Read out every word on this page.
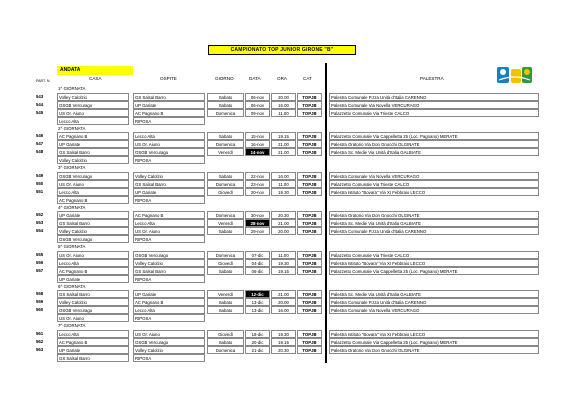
CAMPIONATO TOP JUNIOR GIRONE "B"
ANDATA
PART. N.	CASA	OSPITE	GIORNO	DATA	ORA	CAT	PALESTRA
1^ GIORNATA
543	Volley Calolzio	GS Salsal Barro	Sabato	06-nov	20.00	TOPJB	Palestra Comunale P.zza Unità d'Italia CARENNO
544	OSGB Vercurago	UP Gariate	Sabato	06-nov	16.00	TOPJB	Palestra Comunale Via Novella VERCURAGO
545	US Or. Aiuno	AC Pagnano B	Domenica	09-nov	11.00	TOPJB	Palazzetto Comunale Via Trieste CALCO
Lecco Alta	RIPOSA
2^ GIORNATA
546	AC Pagnano B	Lecco Alta	Sabato	15-nov	19.15	TOPJB	Palazzetto Comunale Via Cappelletta 25 (Loc. Pagnano) MERATE
547	UP Gariate	US Or. Aiuno	Domenica	16-nov	21.00	TOPJB	Palestra Oratorio Via Don Gnocchi OLGINATE
548	GS Salsal Barro	OSGB Vercurago	Venerdì	14-nov	21.00	TOPJB	Palestra Sc. Medie Via Unità d'Italia GALBIATE
Volley Calolzio	RIPOSA
3^ GIORNATA
549	OSGB Vercurago	Volley Calolzio	Sabato	22-nov	16.00	TOPJB	Palestra Comunale Via Novella VERCURAGO
550	US Or. Aiuno	GS Salsal Barro	Domenica	23-nov	11.00	TOPJB	Palazzetto Comunale Via Trieste CALCO
551	Lecco Alta	UP Gariate	Giovedì	20-nov	19.30	TOPJB	Palestra Istituto "Bovara" Via XI Febbraio LECCO
AC Pagnano B	RIPOSA
4^ GIORNATA
552	UP Gariate	AC Pagnano B	Domenica	30-nov	20.30	TOPJB	Palestra Oratorio Via Don Gnocchi OLGINATE
553	GS Salsal Barro	Lecco Alta	Venerdì	28-nov	21.00	TOPJB	Palestra Sc. Medie Via Unità d'Italia GALBIATE
554	Volley Calolzio	US Or. Aiuno	Sabato	29-nov	20.00	TOPJB	Palestra Comunale P.zza Unità d'Italia CARENNO
OSGB Vercurago	RIPOSA
5^ GIORNATA
555	US Or. Aiuno	OSGB Vercurago	Domenica	07-dic	11.00	TOPJB	Palazzetto Comunale Via Trieste CALCO
556	Lecco Alta	Volley Calolzio	Giovedì	04-dic	19.30	TOPJB	Palestra Istituto "Bovara" Via XI Febbraio LECCO
557	AC Pagnano B	GS Salsal Barro	Sabato	06-dic	19.15	TOPJB	Palazzetto Comunale Via Cappelletta 25 (Loc. Pagnano) MERATE
UP Gariate	RIPOSA
6^ GIORNATA
558	GS Salsal Barro	UP Gariate	Venerdì	12-dic	21.00	TOPJB	Palestra Sc. Medie Via Unità d'Italia GALBIATE
559	Volley Calolzio	AC Pagnano B	Sabato	13-dic	20.00	TOPJB	Palestra Comunale P.zza Unità d'Italia CARENNO
560	OSGB Vercurago	Lecco Alta	Sabato	13-dic	16.00	TOPJB	Palestra Comunale Via Novella VERCURAGO
US Or. Aiuno	RIPOSA
7^ GIORNATA
561	Lecco Alta	US Or. Aiuno	Giovedì	18-dic	19.30	TOPJB	Palestra Istituto "Bovara" Via XI Febbraio LECCO
562	AC Pagnano B	OSGB Vercurago	Sabato	20-dic	19.15	TOPJB	Palazzetto Comunale Via Cappelletta 25 (Loc. Pagnano) MERATE
563	UP Gariate	Volley Calolzio	Domenica	21-dic	20.30	TOPJB	Palestra Oratorio Via Don Gnocchi OLGINATE
GS Salsal Barro	RIPOSA
